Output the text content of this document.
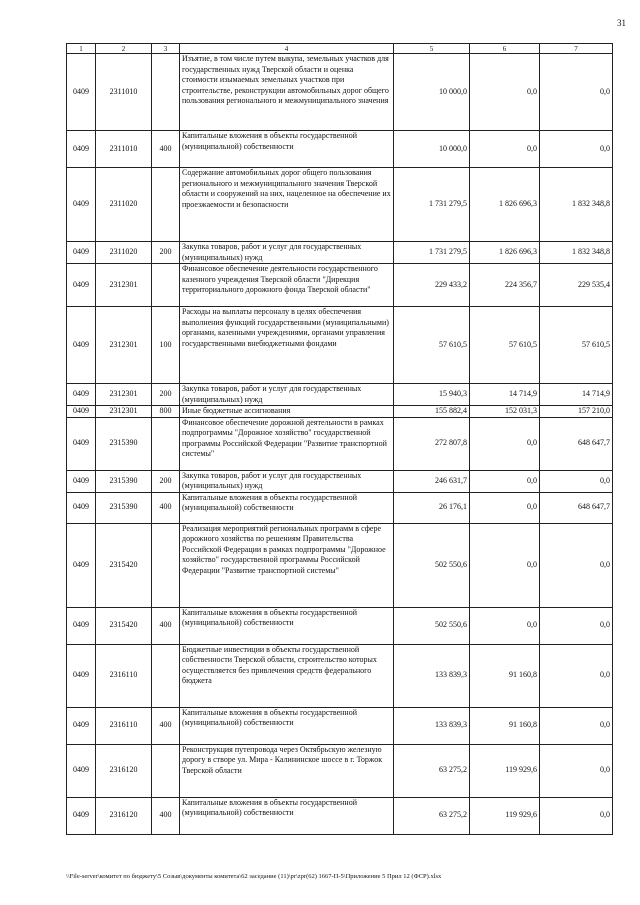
31
1	2	3	4	5	6	7
0409	2311010		Изъятие, в том числе путем выкупа, земельных участков для государственных нужд Тверской области и оценка стоимости изымаемых земельных участков при строительстве, реконструкции автомобильных дорог общего пользования регионального и межмуниципального значения	10 000,0	0,0	0,0
0409	2311010	400	Капитальные вложения в объекты государственной (муниципальной) собственности	10 000,0	0,0	0,0
0409	2311020		Содержание автомобильных дорог общего пользования регионального и межмуниципального значения Тверской области и сооружений на них, нацеленное на обеспечение их проезжаемости и безопасности	1 731 279,5	1 826 696,3	1 832 348,8
0409	2311020	200	Закупка товаров, работ и услуг для государственных (муниципальных) нужд	1 731 279,5	1 826 696,3	1 832 348,8
0409	2312301		Финансовое обеспечение деятельности государственного казенного учреждения Тверской области "Дирекция территориального дорожного фонда Тверской области"	229 433,2	224 356,7	229 535,4
0409	2312301	100	Расходы на выплаты персоналу в целях обеспечения выполнения функций государственными (муниципальными) органами, казенными учреждениями, органами управления государственными внебюджетными фондами	57 610,5	57 610,5	57 610,5
0409	2312301	200	Закупка товаров, работ и услуг для государственных (муниципальных) нужд	15 940,3	14 714,9	14 714,9
0409	2312301	800	Иные бюджетные ассигнования	155 882,4	152 031,3	157 210,0
0409	2315390		Финансовое обеспечение дорожной деятельности в рамках подпрограммы "Дорожное хозяйство" государственной программы Российской Федерации "Развитие транспортной системы"	272 807,8	0,0	648 647,7
0409	2315390	200	Закупка товаров, работ и услуг для государственных (муниципальных) нужд	246 631,7	0,0	0,0
0409	2315390	400	Капитальные вложения в объекты государственной (муниципальной) собственности	26 176,1	0,0	648 647,7
0409	2315420		Реализация мероприятий региональных программ в сфере дорожного хозяйства по решениям Правительства Российской Федерации в рамках подпрограммы "Дорожное хозяйство" государственной программы Российской Федерации "Развитие транспортной системы"	502 550,6	0,0	0,0
0409	2315420	400	Капитальные вложения в объекты государственной (муниципальной) собственности	502 550,6	0,0	0,0
0409	2316110		Бюджетные инвестиции в объекты государственной собственности Тверской области, строительство которых осуществляется без привлечения средств федерального бюджета	133 839,3	91 160,8	0,0
0409	2316110	400	Капитальные вложения в объекты государственной (муниципальной) собственности	133 839,3	91 160,8	0,0
0409	2316120		Реконструкция путепровода через Октябрьскую железную дорогу в створе ул. Мира - Калининское шоссе в г. Торжок Тверской области	63 275,2	119 929,6	0,0
0409	2316120	400	Капитальные вложения в объекты государственной (муниципальной) собственности	63 275,2	119 929,6	0,0
\\File-server\комитет по бюджету\5 Созыв\документы комитета\62 заседание (11)\pr\zpr(62) 1667-П-5\Приложение 5 Прил 12 (ФСР).xlsx
